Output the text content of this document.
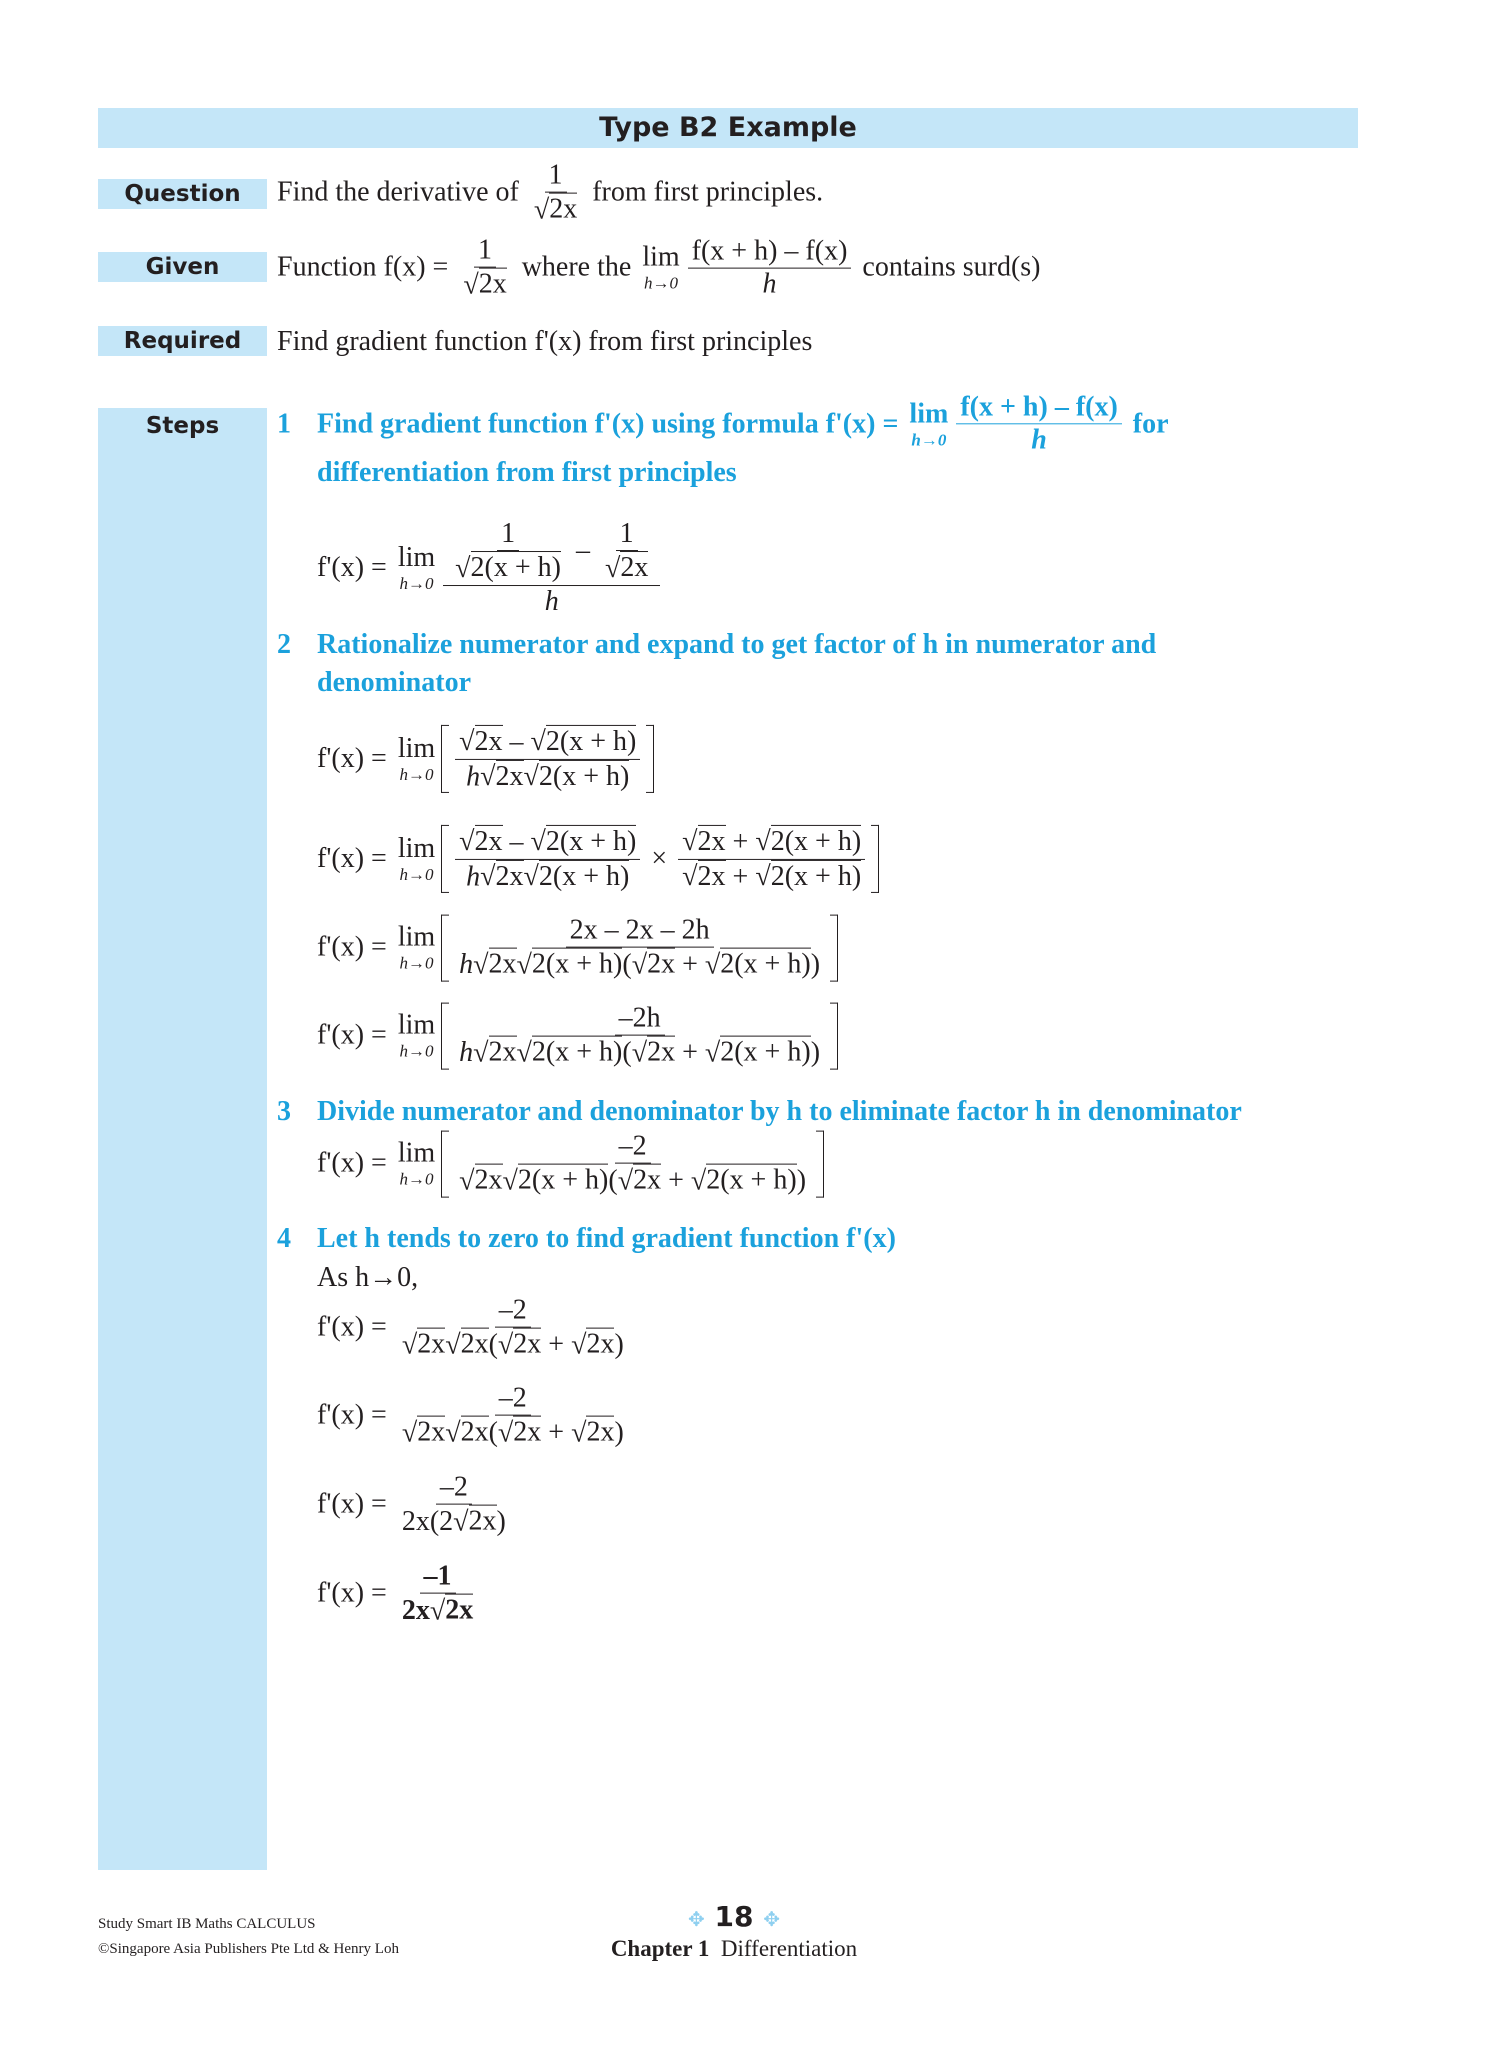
Type B2 Example
Question
Given
Required
Steps
Find the derivative of $\frac{1}{√ 2x}$ from first principles.
Function $f(x) = \frac{1}{√ 2x}$ where the lim
$h\to 0 \frac{f(x + h) - f(x)}{h}$ contains surd(s)
Find gradient function f'(x) from first principles
1 Find gradient function f'(x) using formula f'(x) = lim
$h\to 0 \frac{f(x + h) - f(x)}{h}$ for
differentiation from first principles
f'(x) = lim
$h\to 0 \frac{\frac{1}{√ 2(x + h)} - \frac{1}{√ 2x}}{h}$
2 Rationalize numerator and expand to get factor of h in numerator and
denominator
f'(x) = lim
$h\to 0 \frac{√ 2x - √ 2(x + h)}{h √ 2x √ 2(x + h)}$
f'(x) = lim
$h\to 0 \frac{√ 2x - √ 2(x + h)}{h √ 2x √ 2(x + h)} \times \frac{√ 2x + √ 2(x + h)}{√ 2x + √ 2(x + h)}$
f'(x) = lim
$h\to 0 \frac{2x - 2x - 2h}{h √ 2x √ 2(x + h) ( √ 2x + √ 2(x + h) )}$
f'(x) = lim
$h\to 0 \frac{-2h}{h √ 2x √ 2(x + h) ( √ 2x + √ 2(x + h) )}$
3 Divide numerator and denominator by h to eliminate factor h in denominator
f'(x) = lim
$h\to 0 \frac{-2}{√ 2x √ 2(x + h) ( √ 2x + √ 2(x + h) )}$
4 Let h tends to zero to find gradient function f'(x)
As h→0,
$f'(x) = \frac{-2}{√ 2x √ 2x ( √ 2x + √ 2x )}$
$f'(x) = \frac{-2}{√ 2x √ 2x ( √ 2x + √ 2x )}$
$f'(x) = \frac{-2}{2x(2 √ 2x )}$
$f'(x) = \frac{-1}{2x √ 2x}$
Study Smart IB Maths CALCULUS
©Singapore Asia Publishers Pte Ltd & Henry Loh
✥ 18 ✥
Chapter 1 Differentiation
